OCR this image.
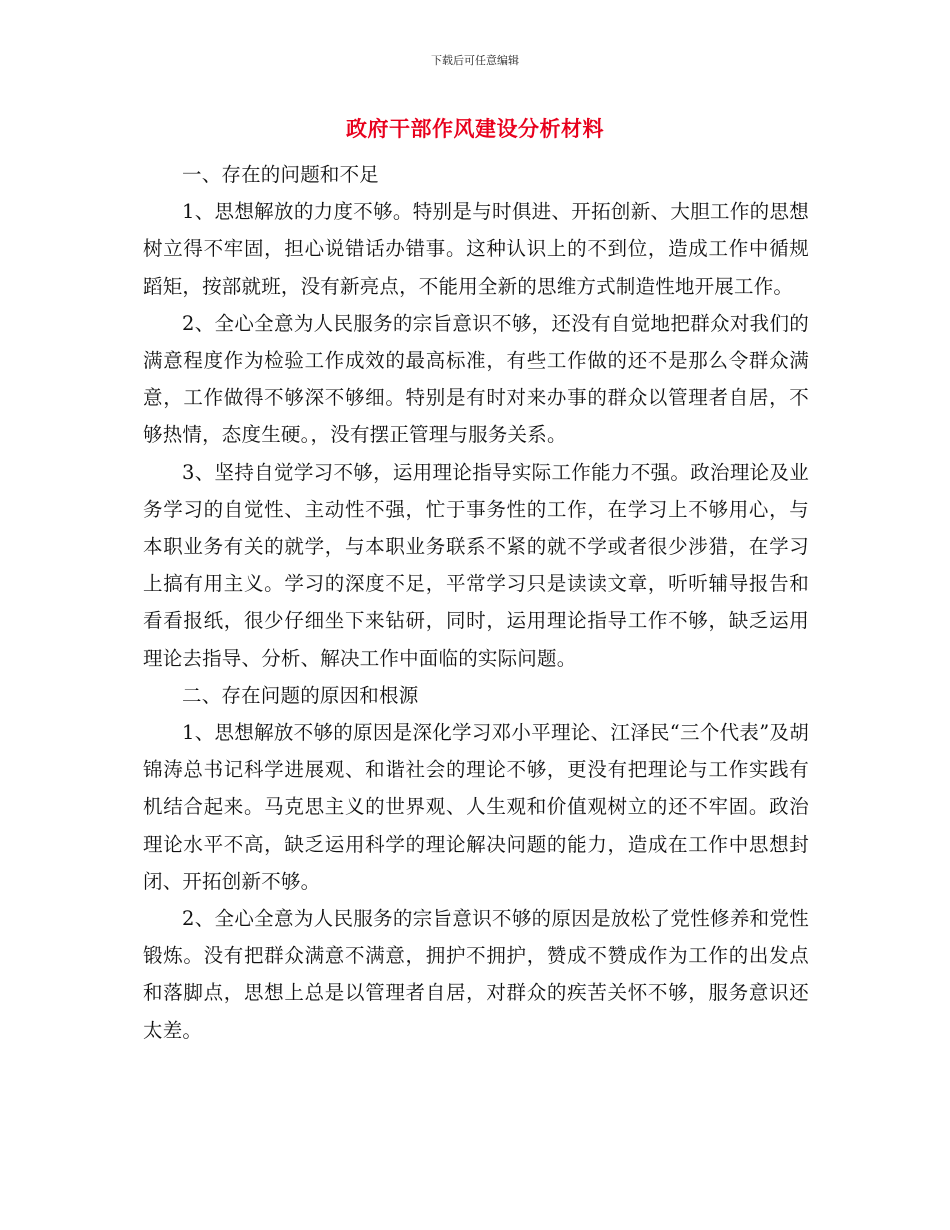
下载后可任意编辑
政府干部作风建设分析材料

一、存在的问题和不足

1、思想解放的力度不够。特别是与时俱进、开拓创新、大胆工作的思想树立得不牢固，担心说错话办错事。这种认识上的不到位，造成工作中循规蹈矩，按部就班，没有新亮点，不能用全新的思维方式制造性地开展工作。

2、全心全意为人民服务的宗旨意识不够，还没有自觉地把群众对我们的满意程度作为检验工作成效的最高标准，有些工作做的还不是那么令群众满意，工作做得不够深不够细。特别是有时对来办事的群众以管理者自居，不够热情，态度生硬。，没有摆正管理与服务关系。

3、坚持自觉学习不够，运用理论指导实际工作能力不强。政治理论及业务学习的自觉性、主动性不强，忙于事务性的工作，在学习上不够用心，与本职业务有关的就学，与本职业务联系不紧的就不学或者很少涉猎，在学习上搞有用主义。学习的深度不足，平常学习只是读读文章，听听辅导报告和看看报纸，很少仔细坐下来钻研，同时，运用理论指导工作不够，缺乏运用理论去指导、分析、解决工作中面临的实际问题。

二、存在问题的原因和根源

1、思想解放不够的原因是深化学习邓小平理论、江泽民“三个代表”及胡锦涛总书记科学进展观、和谐社会的理论不够，更没有把理论与工作实践有机结合起来。马克思主义的世界观、人生观和价值观树立的还不牢固。政治理论水平不高，缺乏运用科学的理论解决问题的能力，造成在工作中思想封闭、开拓创新不够。

2、全心全意为人民服务的宗旨意识不够的原因是放松了党性修养和党性锻炼。没有把群众满意不满意，拥护不拥护，赞成不赞成作为工作的出发点和落脚点，思想上总是以管理者自居，对群众的疾苦关怀不够，服务意识还太差。
